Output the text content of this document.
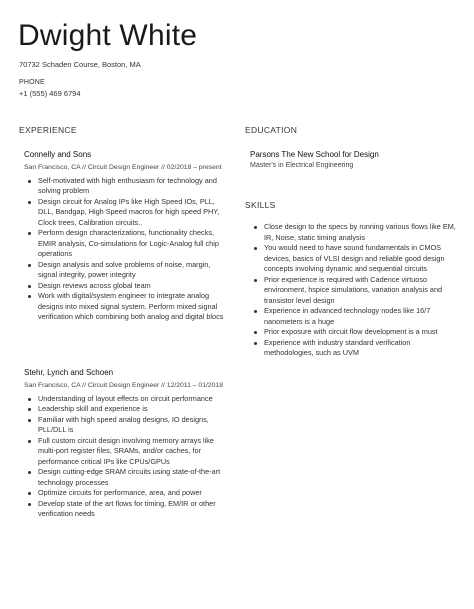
Dwight White
70732 Schaden Course, Boston, MA
PHONE
+1 (555) 469 6794
EXPERIENCE	EDUCATION
SKILLS
Connelly and Sons
San Francisco, CA // Circuit Design Engineer // 02/2018 – present
Self-motivated with high enthusiasm for technology and solving problem
Design circuit for Analog IPs like High Speed IOs, PLL, DLL, Bandgap, High Speed macros for high speed PHY, Clock trees, Calibration circuits..
Perform design characterizations, functionality checks, EMIR analysis, Co-simulations for Logic-Analog full chip operations
Design analysis and solve problems of noise, margin, signal integrity, power integrity
Design reviews across global team
Work with digital/system engineer to integrate analog designs into mixed signal system. Perform mixed signal verification which combining both analog and digital blocs
Stehr, Lynch and Schoen
San Francisco, CA // Circuit Design Engineer // 12/2011 – 01/2018
Understanding of layout effects on circuit performance
Leadership skill and experience is
Familiar with high speed analog designs, IO designs, PLL/DLL is
Full custom circuit design involving memory arrays like multi-port register files, SRAMs, and/or caches, for performance critical IPs like CPUs/GPUs
Design cutting-edge SRAM circuits using state-of-the-art technology processes
Optimize circuits for performance, area, and power
Develop state of the art flows for timing, EM/IR or other verification needs
Parsons The New School for Design
Master's in Electrical Engineering
Close design to the specs by running various flows like EM, IR, Noise, static timing analysis
You would need to have sound fundamentals in CMOS devices, basics of VLSI design and reliable good design concepts involving dynamic and sequential circuits
Prior experience is required with Cadence virtuoso environment, hspice simulations, variation analysis and transistor level design
Experience in advanced technology nodes like 16/7 nanometers is a huge
Prior exposure with circuit flow development is a must
Experience with industry standard verification methodologies, such as UVM
